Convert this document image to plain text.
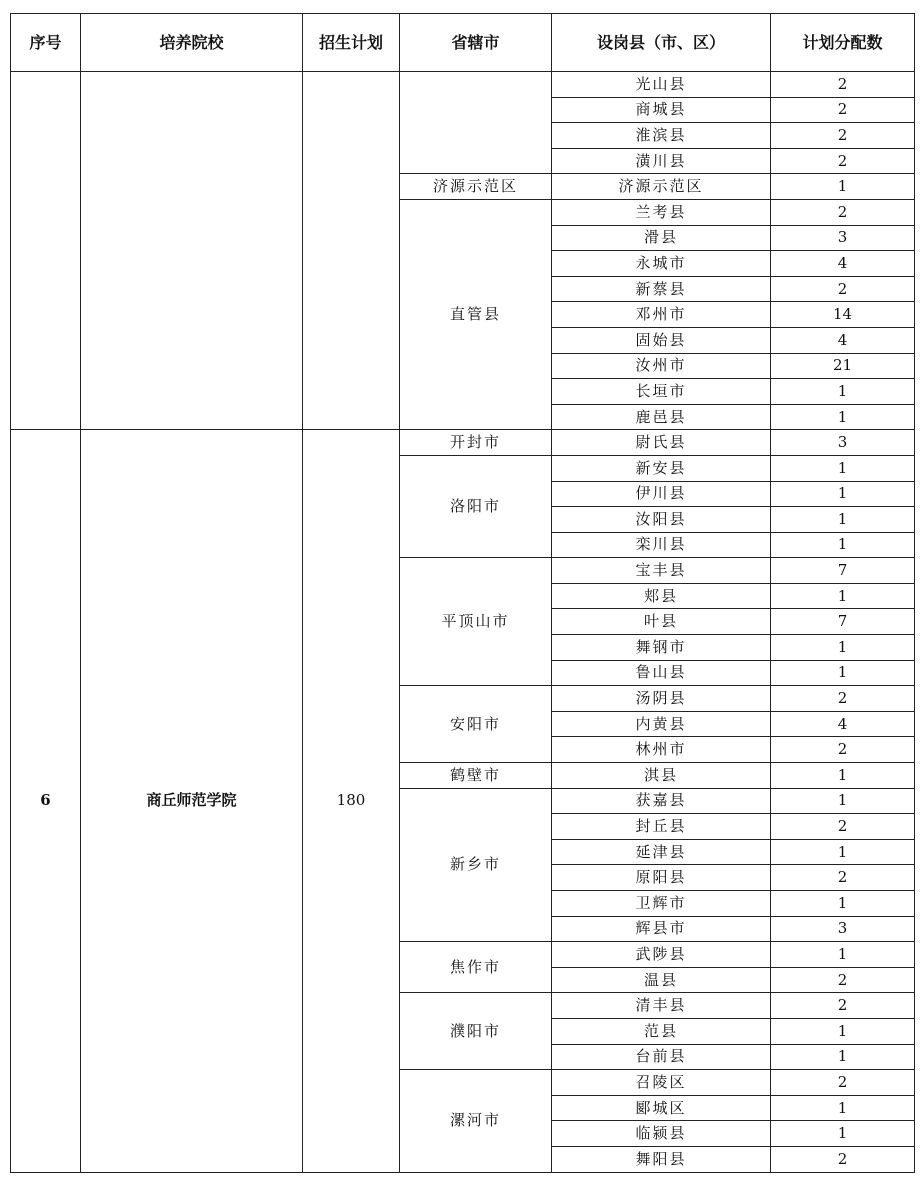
序号	培养院校	招生计划	省辖市	设岗县（市、区）	计划分配数
				光山县	2
				商城县	2
				淮滨县	2
				潢川县	2
			济源示范区	济源示范区	1
			直管县	兰考县	2
				滑县	3
				永城市	4
				新蔡县	2
				邓州市	14
				固始县	4
				汝州市	21
				长垣市	1
				鹿邑县	1
6	商丘师范学院	180	开封市	尉氏县	3
			洛阳市	新安县	1
				伊川县	1
				汝阳县	1
				栾川县	1
			平顶山市	宝丰县	7
				郏县	1
				叶县	7
				舞钢市	1
				鲁山县	1
			安阳市	汤阴县	2
				内黄县	4
				林州市	2
			鹤壁市	淇县	1
			新乡市	获嘉县	1
				封丘县	2
				延津县	1
				原阳县	2
				卫辉市	1
				辉县市	3
			焦作市	武陟县	1
				温县	2
			濮阳市	清丰县	2
				范县	1
				台前县	1
			漯河市	召陵区	2
				郾城区	1
				临颍县	1
				舞阳县	2
